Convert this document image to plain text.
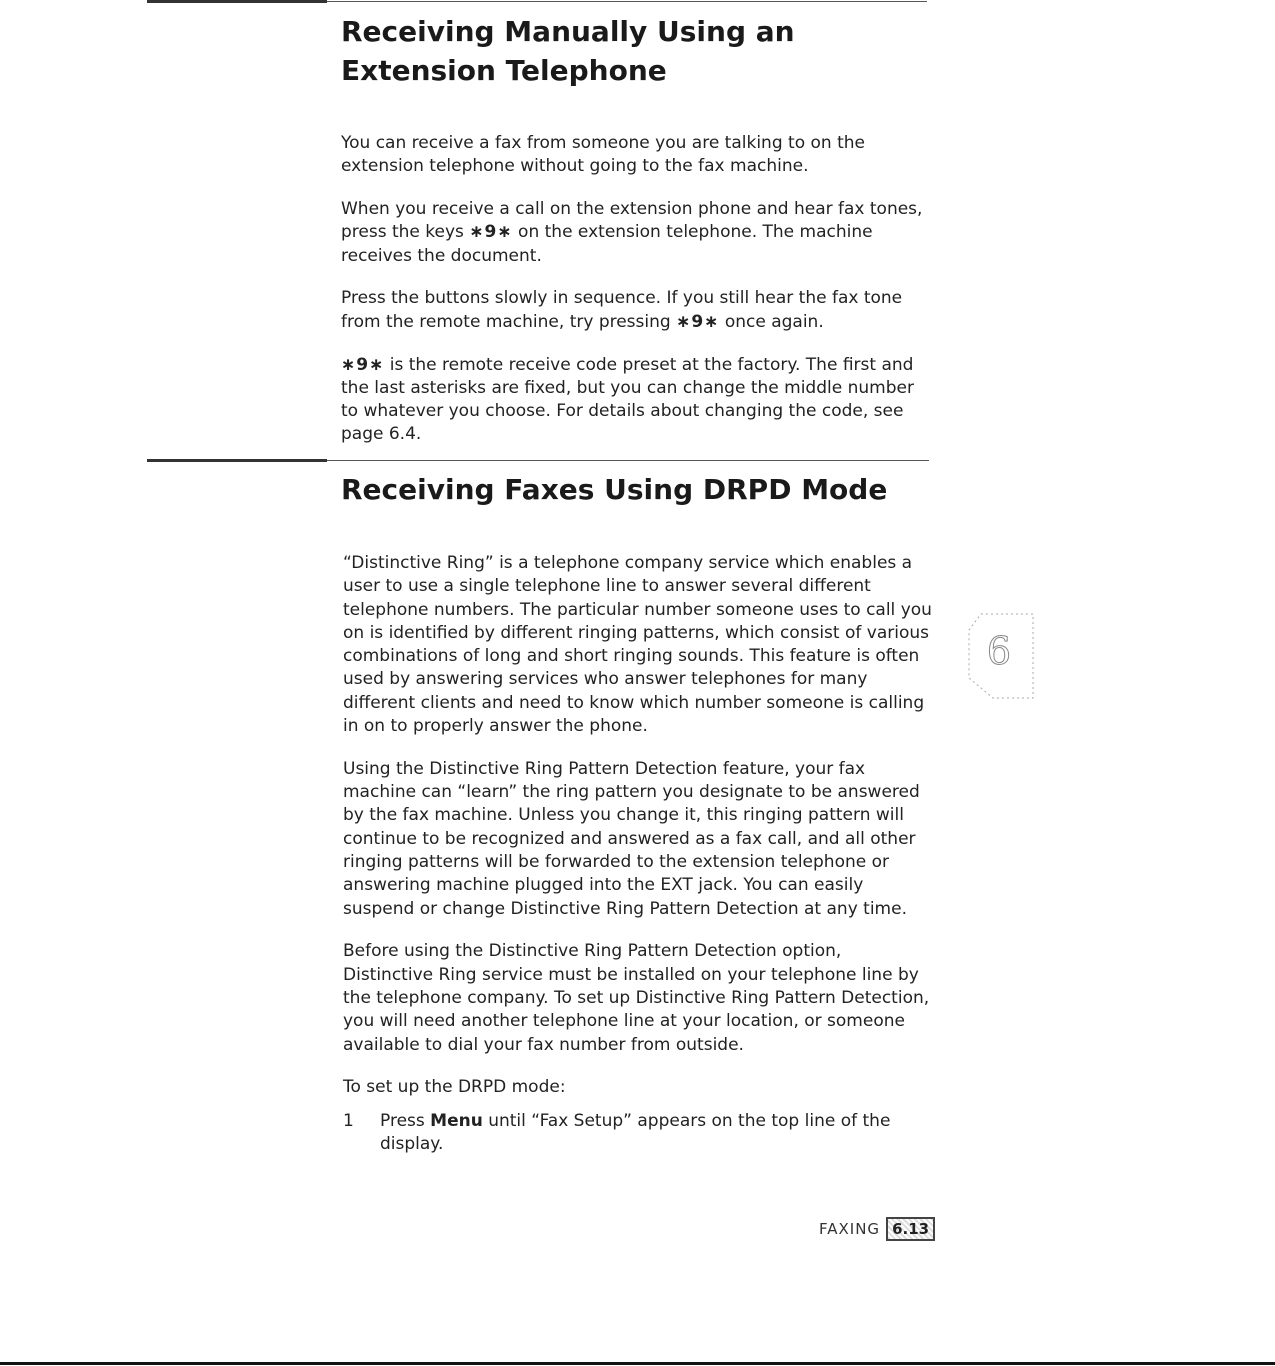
Receiving Manually Using an
Extension Telephone

You can receive a fax from someone you are talking to on the extension telephone without going to the fax machine.

When you receive a call on the extension phone and hear fax tones, press the keys ∗9∗ on the extension telephone. The machine receives the document.

Press the buttons slowly in sequence. If you still hear the fax tone from the remote machine, try pressing ∗9∗ once again.

∗9∗ is the remote receive code preset at the factory. The first and the last asterisks are fixed, but you can change the middle number to whatever you choose. For details about changing the code, see page 6.4.

Receiving Faxes Using DRPD Mode

“Distinctive Ring” is a telephone company service which enables a user to use a single telephone line to answer several different telephone numbers. The particular number someone uses to call you on is identified by different ringing patterns, which consist of various combinations of long and short ringing sounds. This feature is often used by answering services who answer telephones for many different clients and need to know which number someone is calling in on to properly answer the phone.

Using the Distinctive Ring Pattern Detection feature, your fax machine can “learn” the ring pattern you designate to be answered by the fax machine. Unless you change it, this ringing pattern will continue to be recognized and answered as a fax call, and all other ringing patterns will be forwarded to the extension telephone or answering machine plugged into the EXT jack. You can easily suspend or change Distinctive Ring Pattern Detection at any time.

Before using the Distinctive Ring Pattern Detection option, Distinctive Ring service must be installed on your telephone line by the telephone company. To set up Distinctive Ring Pattern Detection, you will need another telephone line at your location, or someone available to dial your fax number from outside.

To set up the DRPD mode:

1	Press Menu until “Fax Setup” appears on the top line of the display.
6
FAXING 6.13
